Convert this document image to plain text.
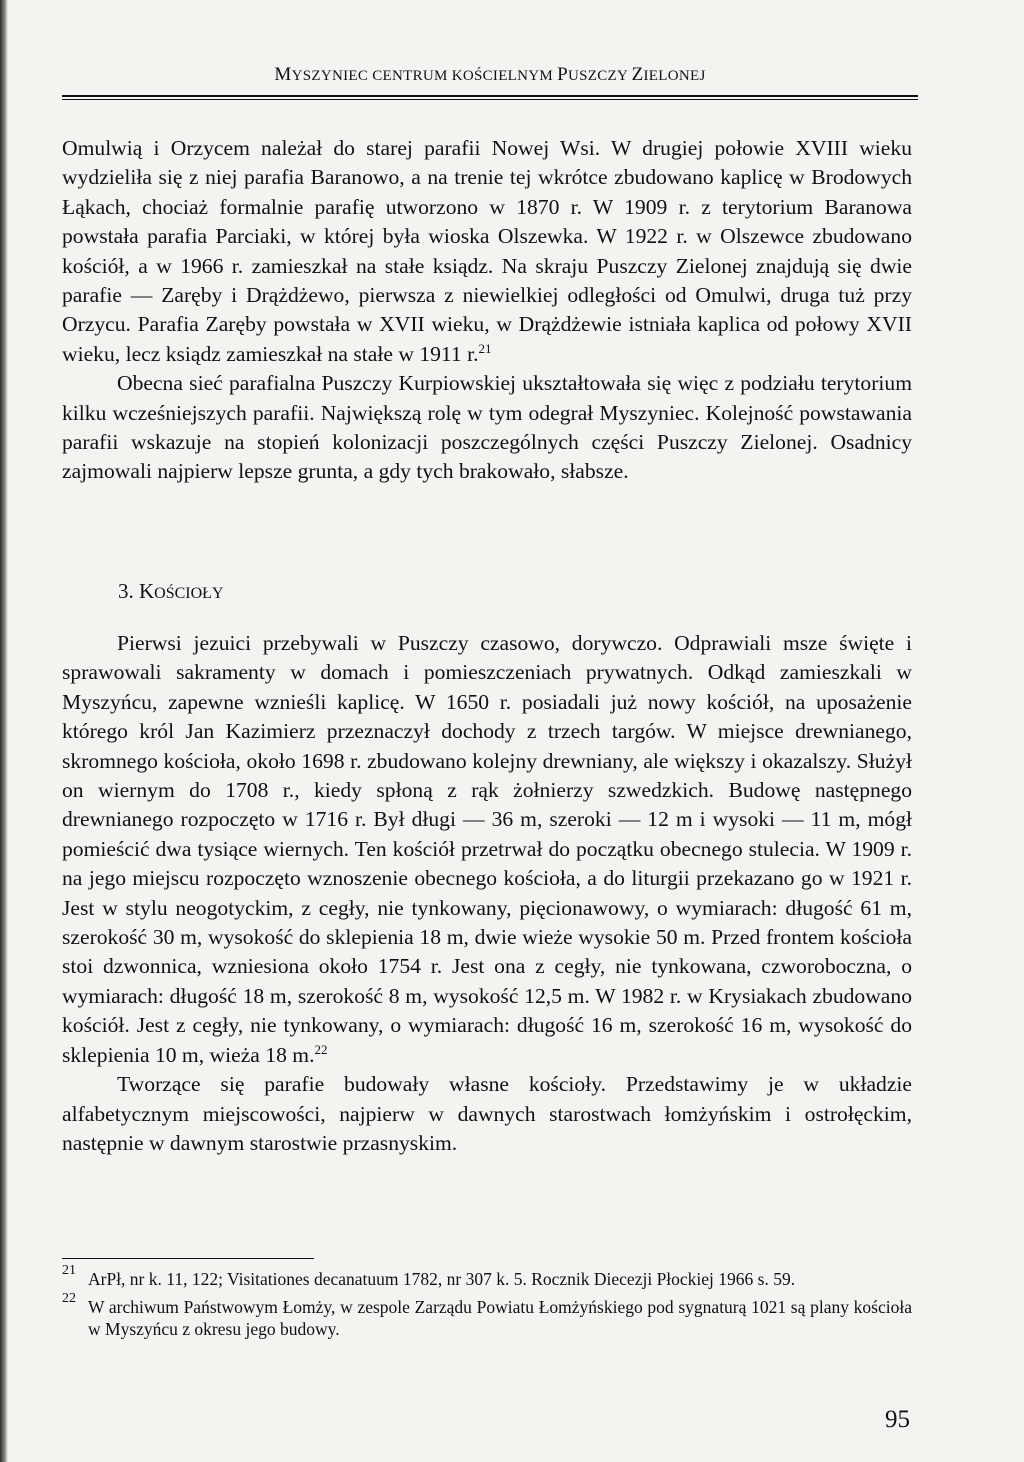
MYSZYNIEC CENTRUM KOŚCIELNYM PUSZCZY ZIELONEJ

Omulwią i Orzycem należał do starej parafii Nowej Wsi. W drugiej połowie XVIII wieku wydzieliła się z niej parafia Baranowo, a na trenie tej wkrótce zbudowano kaplicę w Brodowych Łąkach, chociaż formalnie parafię utworzono w 1870 r. W 1909 r. z terytorium Baranowa powstała parafia Parciaki, w której była wioska Olszewka. W 1922 r. w Olszewce zbudowano kościół, a w 1966 r. zamieszkał na stałe ksiądz. Na skraju Puszczy Zielonej znajdują się dwie parafie — Zaręby i Drążdżewo, pierwsza z niewielkiej odległości od Omulwi, druga tuż przy Orzycu. Parafia Zaręby powstała w XVII wieku, w Drążdżewie istniała kaplica od połowy XVII wieku, lecz ksiądz zamieszkał na stałe w 1911 r.$^{21}$

Obecna sieć parafialna Puszczy Kurpiowskiej ukształtowała się więc z podziału terytorium kilku wcześniejszych parafii. Największą rolę w tym odegrał Myszyniec. Kolejność powstawania parafii wskazuje na stopień kolonizacji poszczególnych części Puszczy Zielonej. Osadnicy zajmowali najpierw lepsze grunta, a gdy tych brakowało, słabsze.

3. KOŚCIOŁY

Pierwsi jezuici przebywali w Puszczy czasowo, dorywczo. Odprawiali msze święte i sprawowali sakramenty w domach i pomieszczeniach prywatnych. Odkąd zamieszkali w Myszyńcu, zapewne wznieśli kaplicę. W 1650 r. posiadali już nowy kościół, na uposażenie którego król Jan Kazimierz przeznaczył dochody z trzech targów. W miejsce drewnianego, skromnego kościoła, około 1698 r. zbudowano kolejny drewniany, ale większy i okazalszy. Służył on wiernym do 1708 r., kiedy spłoną z rąk żołnierzy szwedzkich. Budowę następnego drewnianego rozpoczęto w 1716 r. Był długi — 36 m, szeroki — 12 m i wysoki — 11 m, mógł pomieścić dwa tysiące wiernych. Ten kościół przetrwał do początku obecnego stulecia. W 1909 r. na jego miejscu rozpoczęto wznoszenie obecnego kościoła, a do liturgii przekazano go w 1921 r. Jest w stylu neogotyckim, z cegły, nie tynkowany, pięcionawowy, o wymiarach: długość 61 m, szerokość 30 m, wysokość do sklepienia 18 m, dwie wieże wysokie 50 m. Przed frontem kościoła stoi dzwonnica, wzniesiona około 1754 r. Jest ona z cegły, nie tynkowana, czworoboczna, o wymiarach: długość 18 m, szerokość 8 m, wysokość 12,5 m. W 1982 r. w Krysiakach zbudowano kościół. Jest z cegły, nie tynkowany, o wymiarach: długość 16 m, szerokość 16 m, wysokość do sklepienia 10 m, wieża 18 m.$^{22}$

Tworzące się parafie budowały własne kościoły. Przedstawimy je w układzie alfabetycznym miejscowości, najpierw w dawnych starostwach łomżyńskim i ostrołęckim, następnie w dawnym starostwie przasnyskim.

21 ArPł, nr k. 11, 122; Visitationes decanatuum 1782, nr 307 k. 5. Rocznik Diecezji Płockiej 1966 s. 59.

22 W archiwum Państwowym Łomży, w zespole Zarządu Powiatu Łomżyńskiego pod sygnaturą 1021 są plany kościoła w Myszyńcu z okresu jego budowy.

95
